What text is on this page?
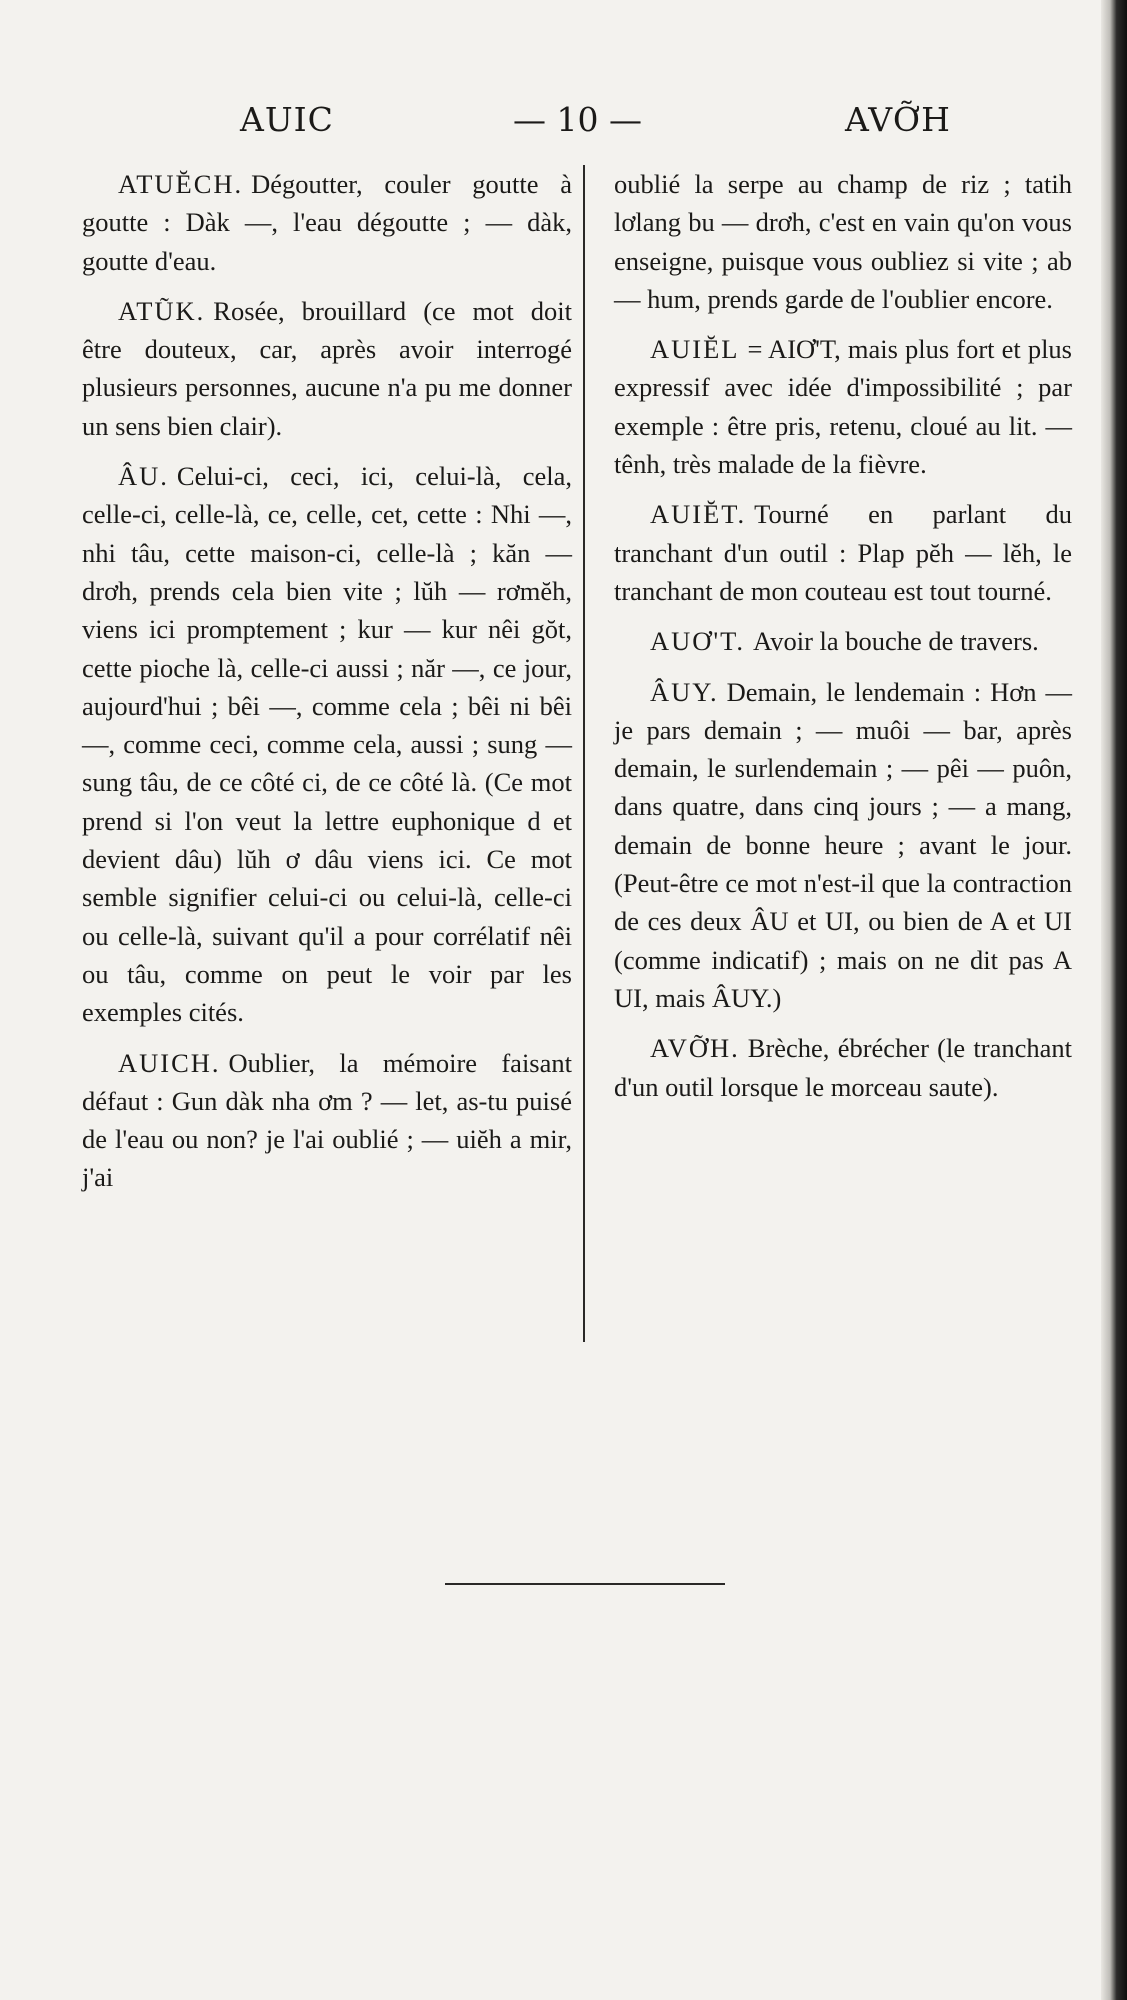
AUIC	— 10 —	AVỠH

ATUĔCH. Dégoutter, couler goutte à goutte : Dàk —, l'eau dégoutte ; — dàk, goutte d'eau.

ATŨK. Rosée, brouillard (ce mot doit être douteux, car, après avoir interrogé plusieurs personnes, aucune n'a pu me donner un sens bien clair).

ÂU. Celui-ci, ceci, ici, celui-là, cela, celle-ci, celle-là, ce, celle, cet, cette : Nhi —, nhi tâu, cette maison-ci, celle-là ; kăn — drơh, prends cela bien vite ; lŭh — rơmĕh, viens ici promptement ; kur — kur nêi gŏt, cette pioche là, celle-ci aussi ; năr —, ce jour, aujourd'hui ; bêi —, comme cela ; bêi ni bêi —, comme ceci, comme cela, aussi ; sung — sung tâu, de ce côté ci, de ce côté là. (Ce mot prend si l'on veut la lettre euphonique d et devient dâu) lŭh ơ dâu viens ici. Ce mot semble signifier celui-ci ou celui-là, celle-ci ou celle-là, suivant qu'il a pour corrélatif nêi ou tâu, comme on peut le voir par les exemples cités.

AUICH. Oublier, la mémoire faisant défaut : Gun dàk nha ơm ? — let, as-tu puisé de l'eau ou non? je l'ai oublié ; — uiĕh a mir, j'ai

oublié la serpe au champ de riz ; tatih lơlang bu — drơh, c'est en vain qu'on vous enseigne, puisque vous oubliez si vite ; ab — hum, prends garde de l'oublier encore.

AUIĔL = AIƠ'T, mais plus fort et plus expressif avec idée d'impossibilité ; par exemple : être pris, retenu, cloué au lit. — tênh, très malade de la fièvre.

AUIĔT. Tourné en parlant du tranchant d'un outil : Plap pĕh — lĕh, le tranchant de mon couteau est tout tourné.

AUƠ'T. Avoir la bouche de travers.

ÂUY. Demain, le lendemain : Hơn — je pars demain ; — muôi — bar, après demain, le surlendemain ; — pêi — puôn, dans quatre, dans cinq jours ; — a mang, demain de bonne heure ; avant le jour. (Peut-être ce mot n'est-il que la contraction de ces deux ÂU et UI, ou bien de A et UI (comme indicatif) ; mais on ne dit pas A UI, mais ÂUY.)

AVỠH. Brèche, ébrécher (le tranchant d'un outil lorsque le morceau saute).
